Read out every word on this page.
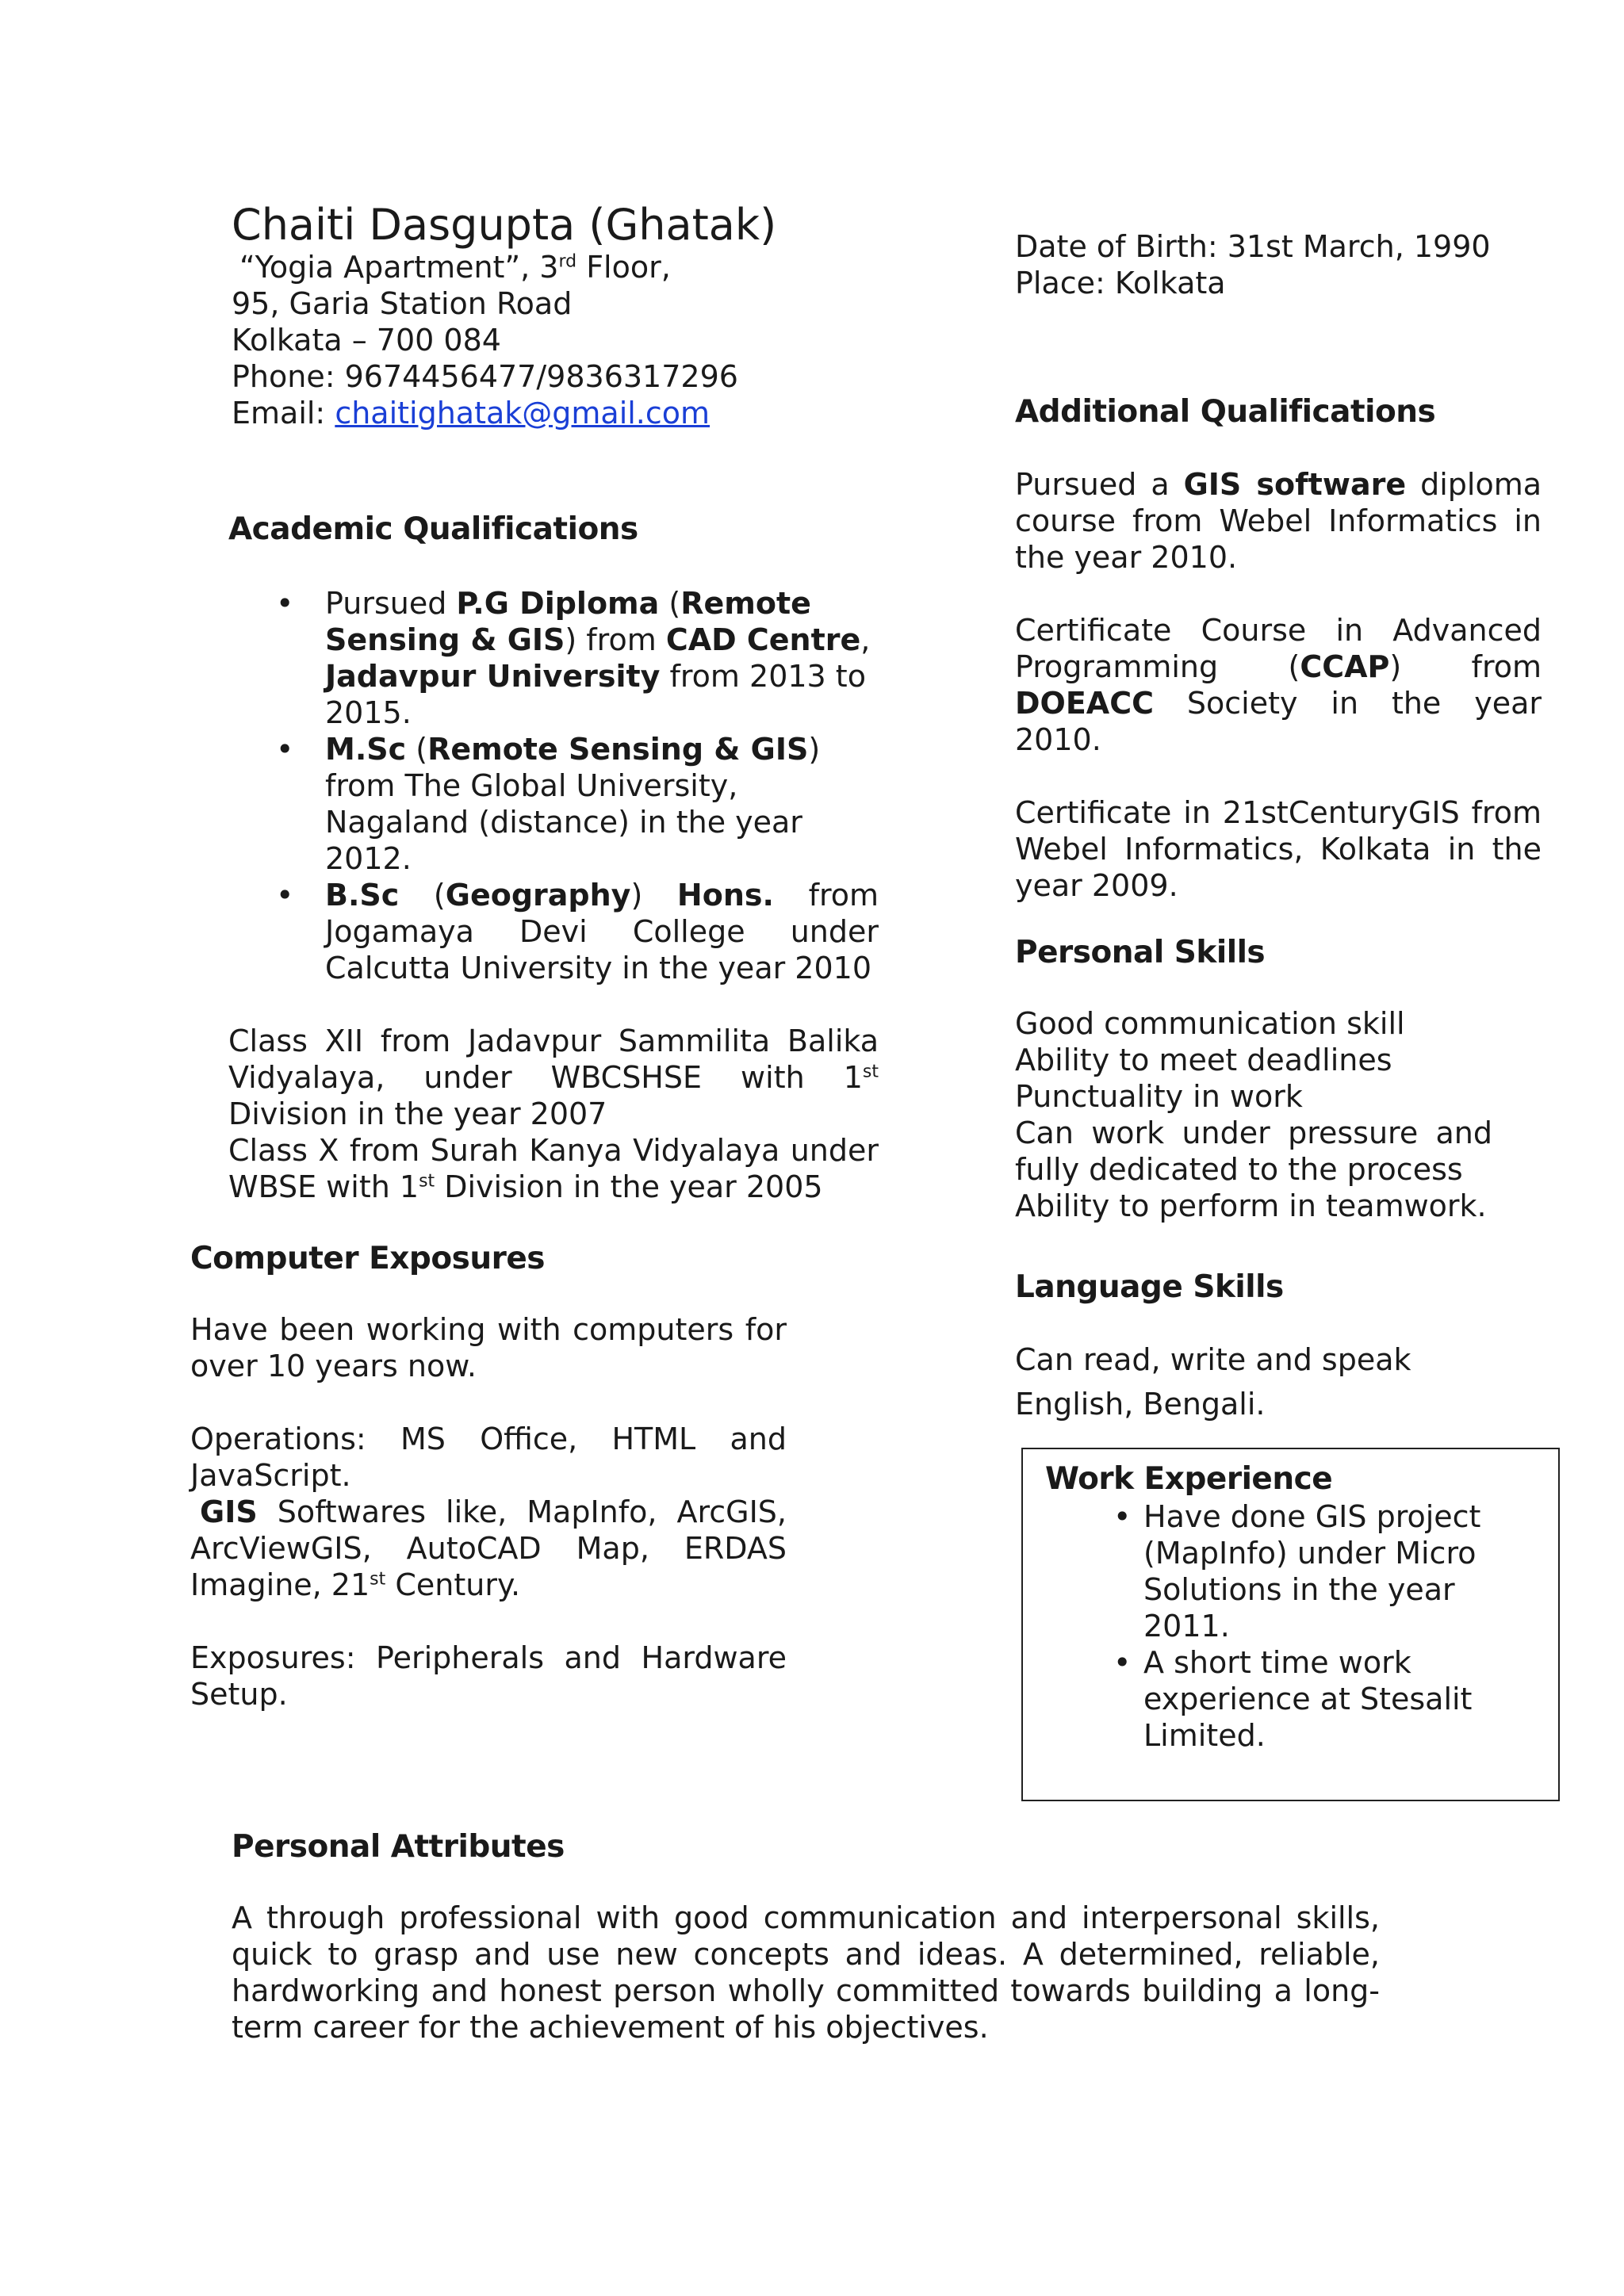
Chaiti Dasgupta (Ghatak)
“Yogia Apartment”, 3rd Floor,
95, Garia Station Road
Kolkata – 700 084
Phone: 9674456477/9836317296
Email: chaitighatak@gmail.com
Date of Birth: 31st March, 1990
Place: Kolkata
Academic Qualifications
• Pursued P.G Diploma (Remote Sensing & GIS) from CAD Centre, Jadavpur University from 2013 to 2015.
• M.Sc (Remote Sensing & GIS) from The Global University, Nagaland (distance) in the year 2012.
• B.Sc (Geography) Hons. from Jogamaya Devi College under Calcutta University in the year 2010

Class XII from Jadavpur Sammilita Balika Vidyalaya, under WBCSHSE with 1st Division in the year 2007

Class X from Surah Kanya Vidyalaya under WBSE with 1st Division in the year 2005

Computer Exposures

Have been working with computers for over 10 years now.

Operations: MS Office, HTML and JavaScript.

GIS Softwares like, MapInfo, ArcGIS, ArcViewGIS, AutoCAD Map, ERDAS Imagine, 21st Century.

Exposures: Peripherals and Hardware Setup.

Additional Qualifications

Pursued a GIS software diploma course from Webel Informatics in the year 2010.

Certificate Course in Advanced Programming (CCAP) from DOEACC Society in the year 2010.

Certificate in 21stCenturyGIS from Webel Informatics, Kolkata in the year 2009.

Personal Skills

Good communication skill

Ability to meet deadlines

Punctuality in work

Can work under pressure and fully dedicated to the process

Ability to perform in teamwork.

Language Skills
Can read, write and speak
English, Bengali.
Work Experience
• Have done GIS project (MapInfo) under Micro Solutions in the year 2011.
• A short time work experience at Stesalit Limited.
Personal Attributes

A through professional with good communication and interpersonal skills, quick to grasp and use new concepts and ideas. A determined, reliable, hardworking and honest person wholly committed towards building a long-term career for the achievement of his objectives.
